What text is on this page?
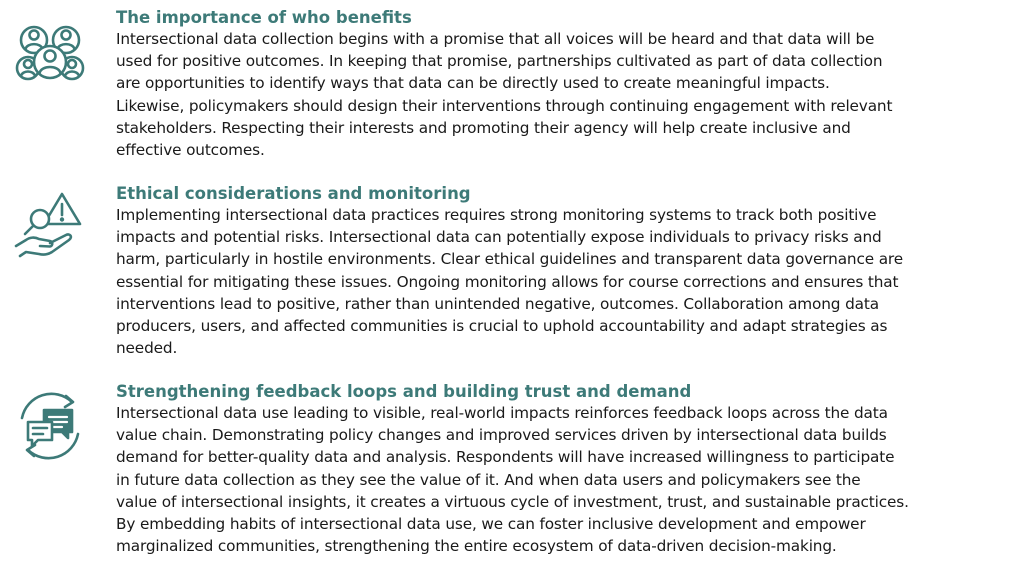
The importance of who benefits

Intersectional data collection begins with a promise that all voices will be heard and that data will be

used for positive outcomes. In keeping that promise, partnerships cultivated as part of data collection

are opportunities to identify ways that data can be directly used to create meaningful impacts.

Likewise, policymakers should design their interventions through continuing engagement with relevant

stakeholders. Respecting their interests and promoting their agency will help create inclusive and

effective outcomes.

Ethical considerations and monitoring

Implementing intersectional data practices requires strong monitoring systems to track both positive

impacts and potential risks. Intersectional data can potentially expose individuals to privacy risks and

harm, particularly in hostile environments. Clear ethical guidelines and transparent data governance are

essential for mitigating these issues. Ongoing monitoring allows for course corrections and ensures that

interventions lead to positive, rather than unintended negative, outcomes. Collaboration among data

producers, users, and affected communities is crucial to uphold accountability and adapt strategies as

needed.

Strengthening feedback loops and building trust and demand

Intersectional data use leading to visible, real-world impacts reinforces feedback loops across the data

value chain. Demonstrating policy changes and improved services driven by intersectional data builds

demand for better-quality data and analysis. Respondents will have increased willingness to participate

in future data collection as they see the value of it. And when data users and policymakers see the

value of intersectional insights, it creates a virtuous cycle of investment, trust, and sustainable practices.

By embedding habits of intersectional data use, we can foster inclusive development and empower

marginalized communities, strengthening the entire ecosystem of data-driven decision-making.
